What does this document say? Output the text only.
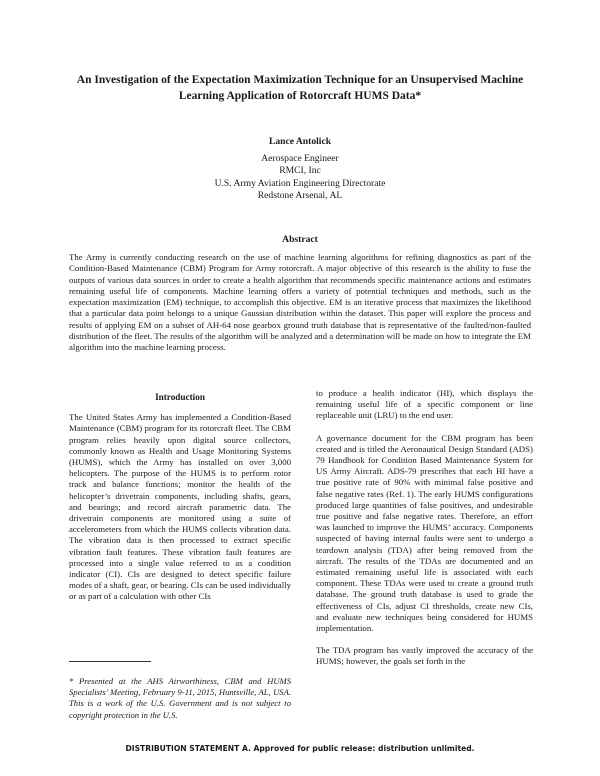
An Investigation of the Expectation Maximization Technique for an Unsupervised Machine Learning Application of Rotorcraft HUMS Data*
Lance Antolick
Aerospace Engineer
RMCI, Inc
U.S. Army Aviation Engineering Directorate
Redstone Arsenal, AL
Abstract
The Army is currently conducting research on the use of machine learning algorithms for refining diagnostics as part of the Condition-Based Maintenance (CBM) Program for Army rotorcraft. A major objective of this research is the ability to fuse the outputs of various data sources in order to create a health algorithm that recommends specific maintenance actions and estimates remaining useful life of components. Machine learning offers a variety of potential techniques and methods, such as the expectation maximization (EM) technique, to accomplish this objective. EM is an iterative process that maximizes the likelihood that a particular data point belongs to a unique Gaussian distribution within the dataset. This paper will explore the process and results of applying EM on a subset of AH-64 nose gearbox ground truth database that is representative of the faulted/non-faulted distribution of the fleet. The results of the algorithm will be analyzed and a determination will be made on how to integrate the EM algorithm into the machine learning process.
Introduction

The United States Army has implemented a Condition-Based Maintenance (CBM) program for its rotorcraft fleet. The CBM program relies heavily upon digital source collectors, commonly known as Health and Usage Monitoring Systems (HUMS), which the Army has installed on over 3,000 helicopters. The purpose of the HUMS is to perform rotor track and balance functions; monitor the health of the helicopter’s drivetrain components, including shafts, gears, and bearings; and record aircraft parametric data. The drivetrain components are monitored using a suite of accelerometers from which the HUMS collects vibration data. The vibration data is then processed to extract specific vibration fault features. These vibration fault features are processed into a single value referred to as a condition indicator (CI). CIs are designed to detect specific failure modes of a shaft, gear, or bearing. CIs can be used individually or as part of a calculation with other CIs

to produce a health indicator (HI), which displays the remaining useful life of a specific component or line replaceable unit (LRU) to the end user.

A governance document for the CBM program has been created and is titled the Aeronautical Design Standard (ADS) 79 Handbook for Condition Based Maintenance System for US Army Aircraft. ADS-79 prescribes that each HI have a true positive rate of 90% with minimal false positive and false negative rates (Ref. 1). The early HUMS configurations produced large quantities of false positives, and undesirable true positive and false negative rates. Therefore, an effort was launched to improve the HUMS’ accuracy. Components suspected of having internal faults were sent to undergo a teardown analysis (TDA) after being removed from the aircraft. The results of the TDAs are documented and an estimated remaining useful life is associated with each component. These TDAs were used to create a ground truth database. The ground truth database is used to grade the effectiveness of CIs, adjust CI thresholds, create new CIs, and evaluate new techniques being considered for HUMS implementation.

The TDA program has vastly improved the accuracy of the HUMS; however, the goals set forth in the

* Presented at the AHS Airworthiness, CBM and HUMS Specialists’ Meeting, February 9-11, 2015, Huntsville, AL, USA. This is a work of the U.S. Government and is not subject to copyright protection in the U.S.
DISTRIBUTION STATEMENT A. Approved for public release: distribution unlimited.
